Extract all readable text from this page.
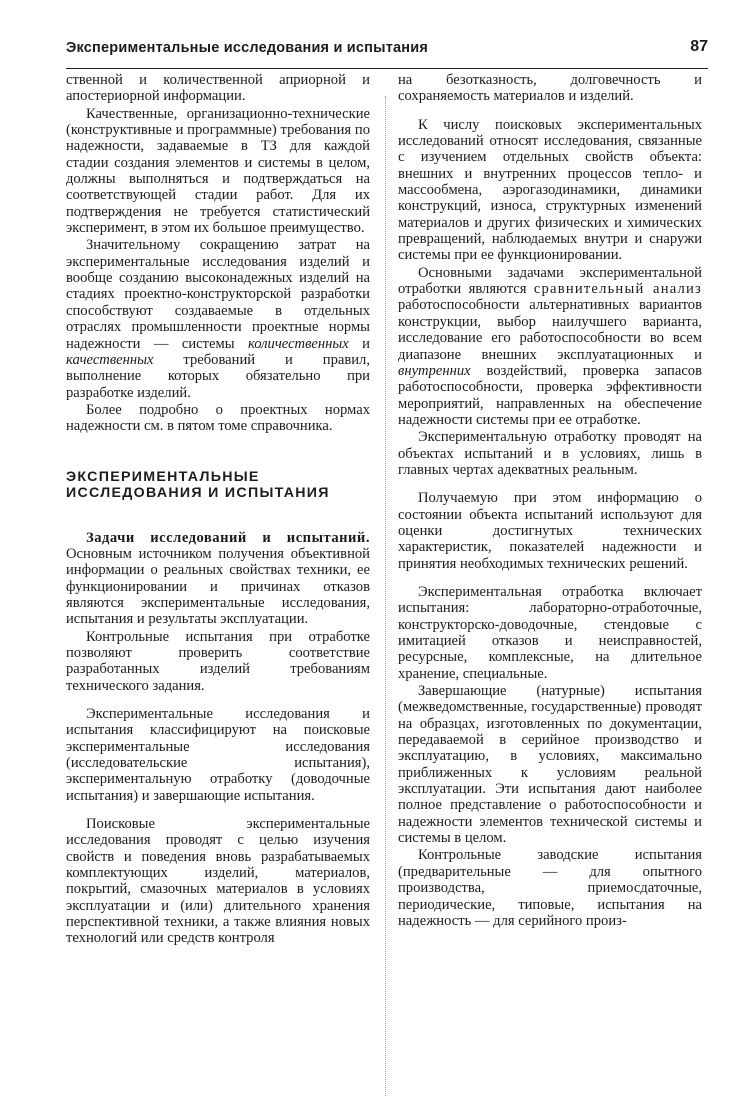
Экспериментальные исследования и испытания	87

ственной и количественной априорной и апостериорной информации.

Качественные, организационно-технические (конструктивные и программные) требования по надежности, задаваемые в ТЗ для каждой стадии создания элементов и системы в целом, должны выполняться и подтверждаться на соответствующей стадии работ. Для их подтверждения не требуется статистический эксперимент, в этом их большое преимущество.

Значительному сокращению затрат на экспериментальные исследования изделий и вообще созданию высоконадежных изделий на стадиях проектно-конструкторской разработки способствуют создаваемые в отдельных отраслях промышленности проектные нормы надежности — системы количественных и качественных требований и правил, выполнение которых обязательно при разработке изделий.

Более подробно о проектных нормах надежности см. в пятом томе справочника.

ЭКСПЕРИМЕНТАЛЬНЫЕ
ИССЛЕДОВАНИЯ И ИСПЫТАНИЯ

Задачи исследований и испытаний. Основным источником получения объективной информации о реальных свойствах техники, ее функционировании и причинах отказов являются экспериментальные исследования, испытания и результаты эксплуатации.

Контрольные испытания при отработке позволяют проверить соответствие разработанных изделий требованиям технического задания.

Экспериментальные исследования и испытания классифицируют на поисковые экспериментальные исследования (исследовательские испытания), экспериментальную отработку (доводочные испытания) и завершающие испытания.

Поисковые экспериментальные исследования проводят с целью изучения свойств и поведения вновь разрабатываемых комплектующих изделий, материалов, покрытий, смазочных материалов в условиях эксплуатации и (или) длительного хранения перспективной техники, а также влияния новых технологий или средств контроля

на безотказность, долговечность и сохраняемость материалов и изделий.

К числу поисковых экспериментальных исследований относят исследования, связанные с изучением отдельных свойств объекта: внешних и внутренних процессов тепло- и массообмена, аэрогазодинамики, динамики конструкций, износа, структурных изменений материалов и других физических и химических превращений, наблюдаемых внутри и снаружи системы при ее функционировании.

Основными задачами экспериментальной отработки являются сравнительный анализ работоспособности альтернативных вариантов конструкции, выбор наилучшего варианта, исследование его работоспособности во всем диапазоне внешних эксплуатационных и внутренних воздействий, проверка запасов работоспособности, проверка эффективности мероприятий, направленных на обеспечение надежности системы при ее отработке.

Экспериментальную отработку проводят на объектах испытаний и в условиях, лишь в главных чертах адекватных реальным.

Получаемую при этом информацию о состоянии объекта испытаний используют для оценки достигнутых технических характеристик, показателей надежности и принятия необходимых технических решений.

Экспериментальная отработка включает испытания: лабораторно-отработочные, конструкторско-доводочные, стендовые с имитацией отказов и неисправностей, ресурсные, комплексные, на длительное хранение, специальные.

Завершающие (натурные) испытания (межведомственные, государственные) проводят на образцах, изготовленных по документации, передаваемой в серийное производство и эксплуатацию, в условиях, максимально приближенных к условиям реальной эксплуатации. Эти испытания дают наиболее полное представление о работоспособности и надежности элементов технической системы и системы в целом.

Контрольные заводские испытания (предварительные — для опытного производства, приемосдаточные, периодические, типовые, испытания на надежность — для серийного произ-
